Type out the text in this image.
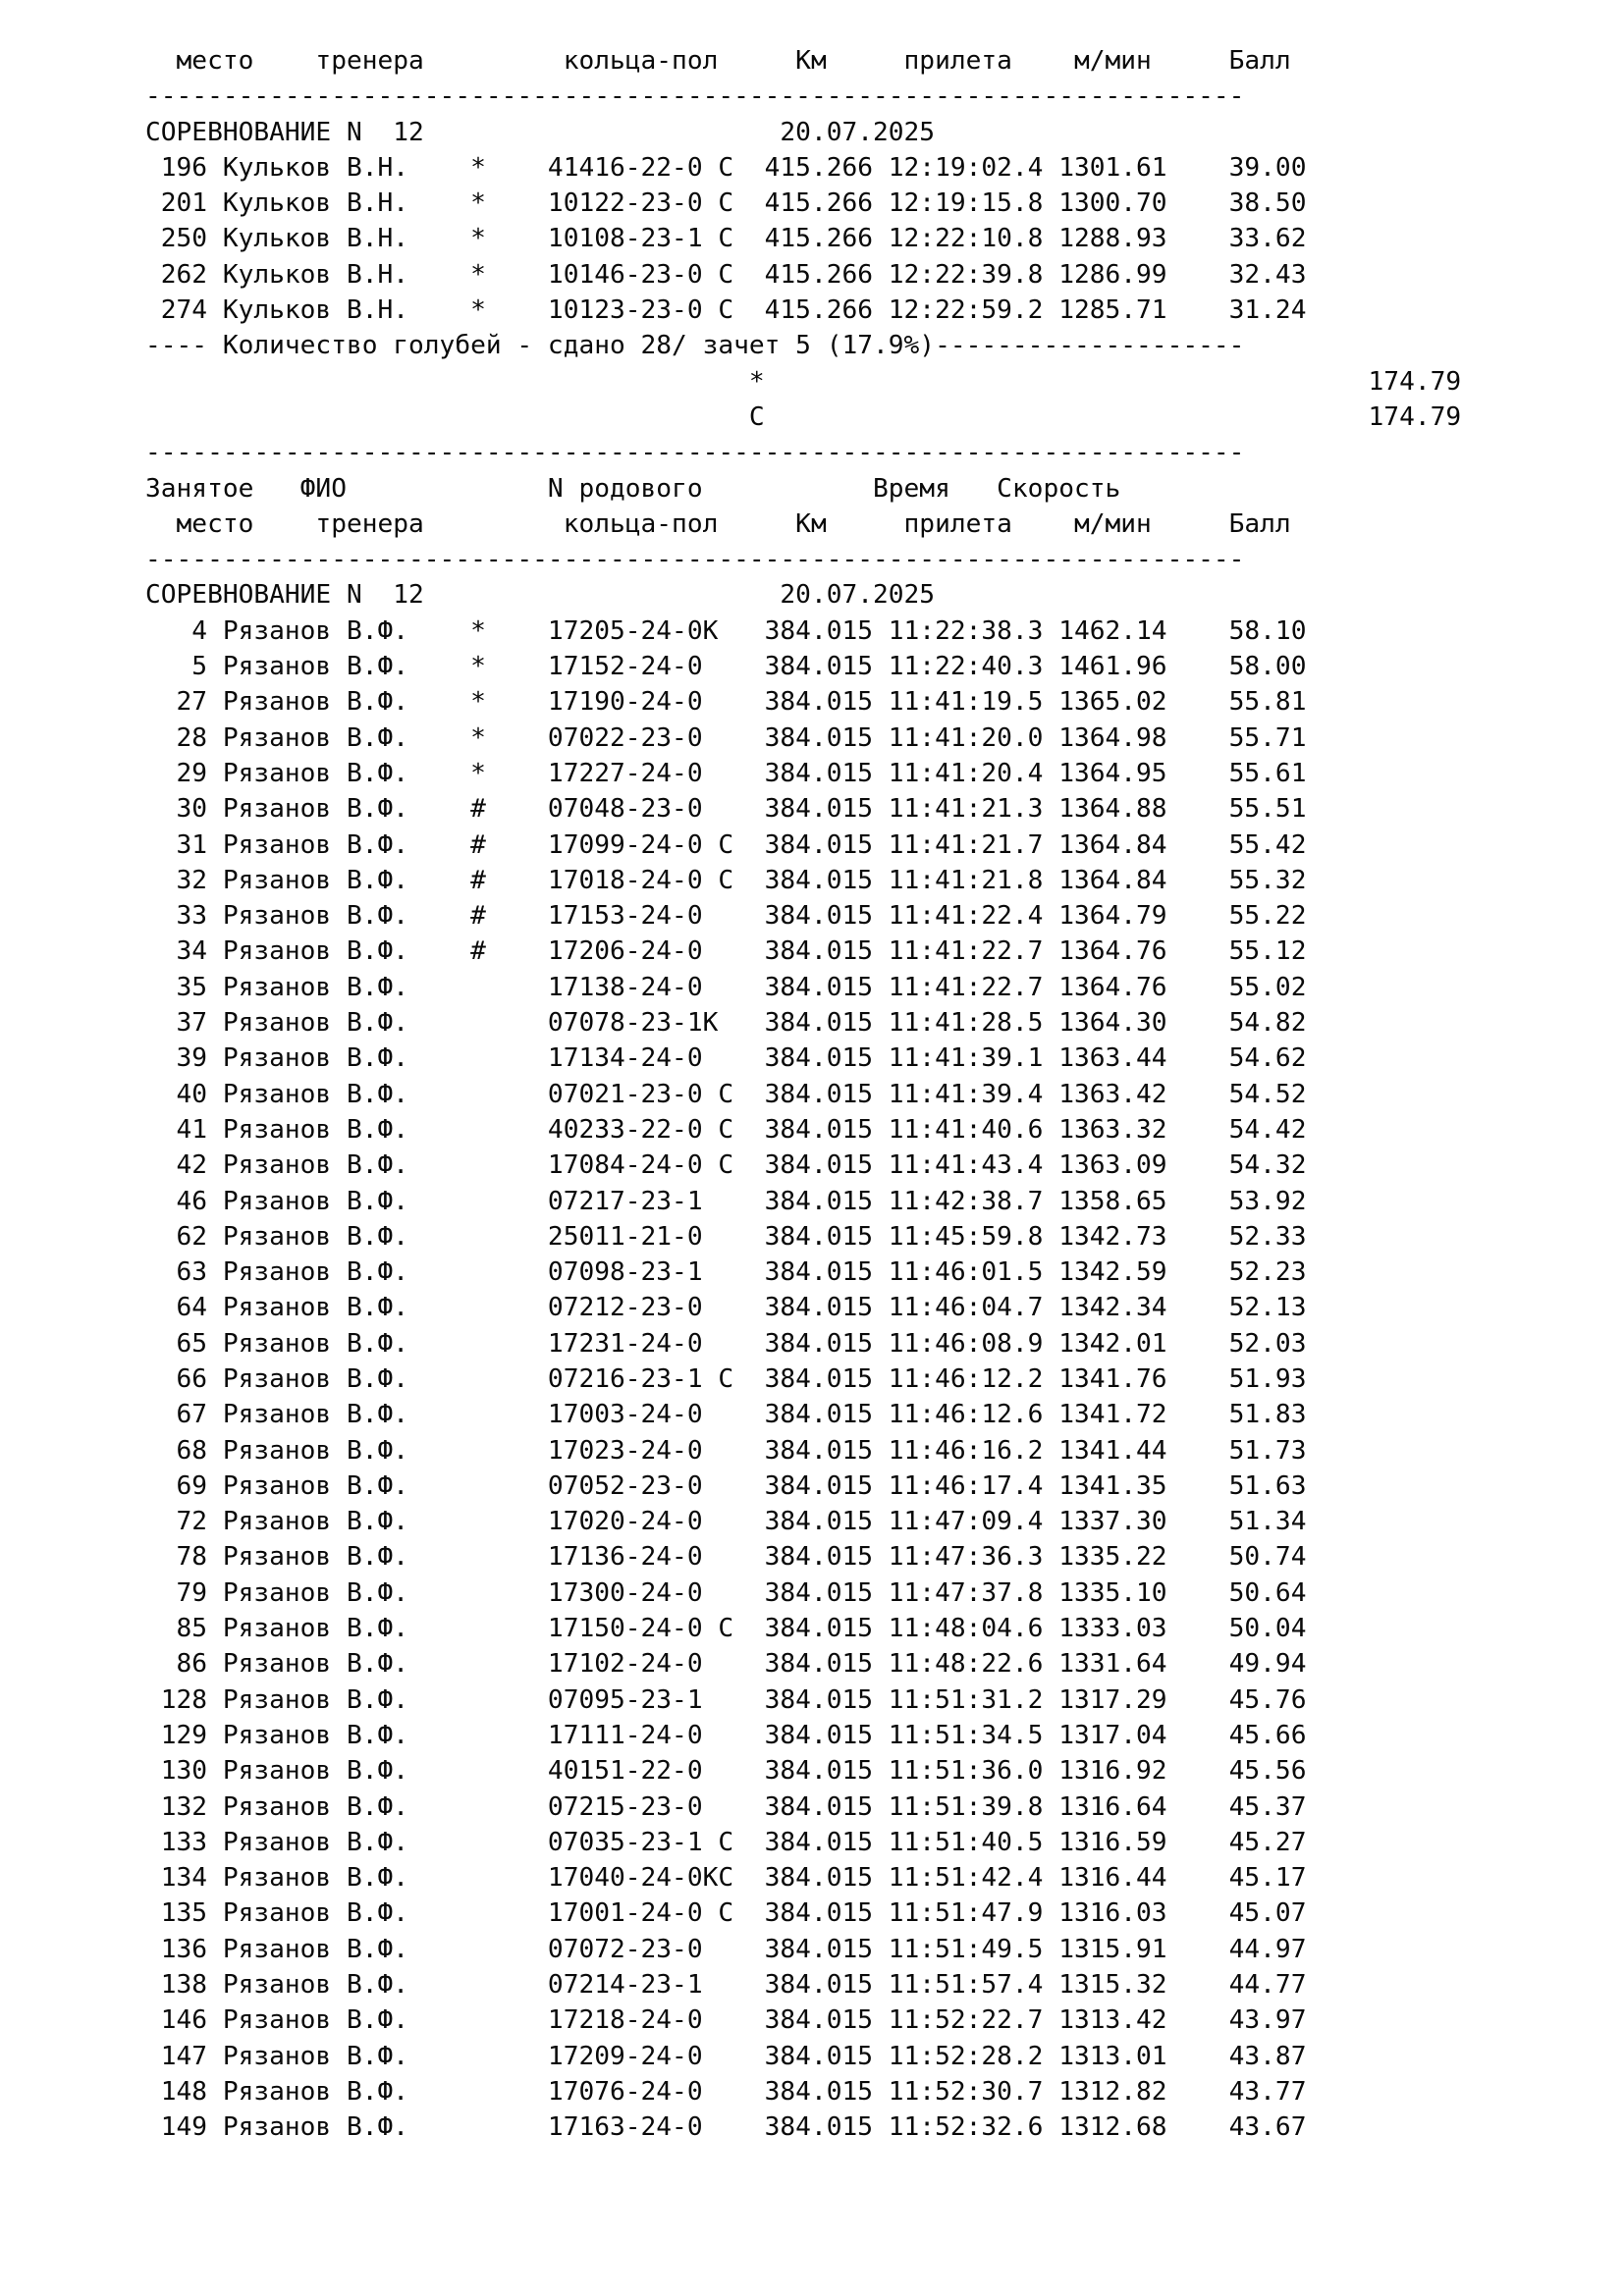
место    тренера         кольца-пол     Км     прилета    м/мин     Балл
-----------------------------------------------------------------------
СОРЕВНОВАНИЕ N  12                       20.07.2025
196 Кульков В.Н.    *    41416-22-0 С  415.266 12:19:02.4 1301.61    39.00
201 Кульков В.Н.    *    10122-23-0 С  415.266 12:19:15.8 1300.70    38.50
250 Кульков В.Н.    *    10108-23-1 С  415.266 12:22:10.8 1288.93    33.62
262 Кульков В.Н.    *    10146-23-0 С  415.266 12:22:39.8 1286.99    32.43
274 Кульков В.Н.    *    10123-23-0 С  415.266 12:22:59.2 1285.71    31.24
---- Количество голубей - сдано 28/ зачет 5 (17.9%)--------------------
*                                       174.79
С                                       174.79
-----------------------------------------------------------------------
Занятое   ФИО             N родового           Время   Скорость
место    тренера         кольца-пол     Км     прилета    м/мин     Балл
-----------------------------------------------------------------------
СОРЕВНОВАНИЕ N  12                       20.07.2025
4 Рязанов В.Ф.    *    17205-24-0К   384.015 11:22:38.3 1462.14    58.10
5 Рязанов В.Ф.    *    17152-24-0    384.015 11:22:40.3 1461.96    58.00
27 Рязанов В.Ф.    *    17190-24-0    384.015 11:41:19.5 1365.02    55.81
28 Рязанов В.Ф.    *    07022-23-0    384.015 11:41:20.0 1364.98    55.71
29 Рязанов В.Ф.    *    17227-24-0    384.015 11:41:20.4 1364.95    55.61
30 Рязанов В.Ф.    #    07048-23-0    384.015 11:41:21.3 1364.88    55.51
31 Рязанов В.Ф.    #    17099-24-0 С  384.015 11:41:21.7 1364.84    55.42
32 Рязанов В.Ф.    #    17018-24-0 С  384.015 11:41:21.8 1364.84    55.32
33 Рязанов В.Ф.    #    17153-24-0    384.015 11:41:22.4 1364.79    55.22
34 Рязанов В.Ф.    #    17206-24-0    384.015 11:41:22.7 1364.76    55.12
35 Рязанов В.Ф.         17138-24-0    384.015 11:41:22.7 1364.76    55.02
37 Рязанов В.Ф.         07078-23-1К   384.015 11:41:28.5 1364.30    54.82
39 Рязанов В.Ф.         17134-24-0    384.015 11:41:39.1 1363.44    54.62
40 Рязанов В.Ф.         07021-23-0 С  384.015 11:41:39.4 1363.42    54.52
41 Рязанов В.Ф.         40233-22-0 С  384.015 11:41:40.6 1363.32    54.42
42 Рязанов В.Ф.         17084-24-0 С  384.015 11:41:43.4 1363.09    54.32
46 Рязанов В.Ф.         07217-23-1    384.015 11:42:38.7 1358.65    53.92
62 Рязанов В.Ф.         25011-21-0    384.015 11:45:59.8 1342.73    52.33
63 Рязанов В.Ф.         07098-23-1    384.015 11:46:01.5 1342.59    52.23
64 Рязанов В.Ф.         07212-23-0    384.015 11:46:04.7 1342.34    52.13
65 Рязанов В.Ф.         17231-24-0    384.015 11:46:08.9 1342.01    52.03
66 Рязанов В.Ф.         07216-23-1 С  384.015 11:46:12.2 1341.76    51.93
67 Рязанов В.Ф.         17003-24-0    384.015 11:46:12.6 1341.72    51.83
68 Рязанов В.Ф.         17023-24-0    384.015 11:46:16.2 1341.44    51.73
69 Рязанов В.Ф.         07052-23-0    384.015 11:46:17.4 1341.35    51.63
72 Рязанов В.Ф.         17020-24-0    384.015 11:47:09.4 1337.30    51.34
78 Рязанов В.Ф.         17136-24-0    384.015 11:47:36.3 1335.22    50.74
79 Рязанов В.Ф.         17300-24-0    384.015 11:47:37.8 1335.10    50.64
85 Рязанов В.Ф.         17150-24-0 С  384.015 11:48:04.6 1333.03    50.04
86 Рязанов В.Ф.         17102-24-0    384.015 11:48:22.6 1331.64    49.94
128 Рязанов В.Ф.         07095-23-1    384.015 11:51:31.2 1317.29    45.76
129 Рязанов В.Ф.         17111-24-0    384.015 11:51:34.5 1317.04    45.66
130 Рязанов В.Ф.         40151-22-0    384.015 11:51:36.0 1316.92    45.56
132 Рязанов В.Ф.         07215-23-0    384.015 11:51:39.8 1316.64    45.37
133 Рязанов В.Ф.         07035-23-1 С  384.015 11:51:40.5 1316.59    45.27
134 Рязанов В.Ф.         17040-24-0КС  384.015 11:51:42.4 1316.44    45.17
135 Рязанов В.Ф.         17001-24-0 С  384.015 11:51:47.9 1316.03    45.07
136 Рязанов В.Ф.         07072-23-0    384.015 11:51:49.5 1315.91    44.97
138 Рязанов В.Ф.         07214-23-1    384.015 11:51:57.4 1315.32    44.77
146 Рязанов В.Ф.         17218-24-0    384.015 11:52:22.7 1313.42    43.97
147 Рязанов В.Ф.         17209-24-0    384.015 11:52:28.2 1313.01    43.87
148 Рязанов В.Ф.         17076-24-0    384.015 11:52:30.7 1312.82    43.77
149 Рязанов В.Ф.         17163-24-0    384.015 11:52:32.6 1312.68    43.67
